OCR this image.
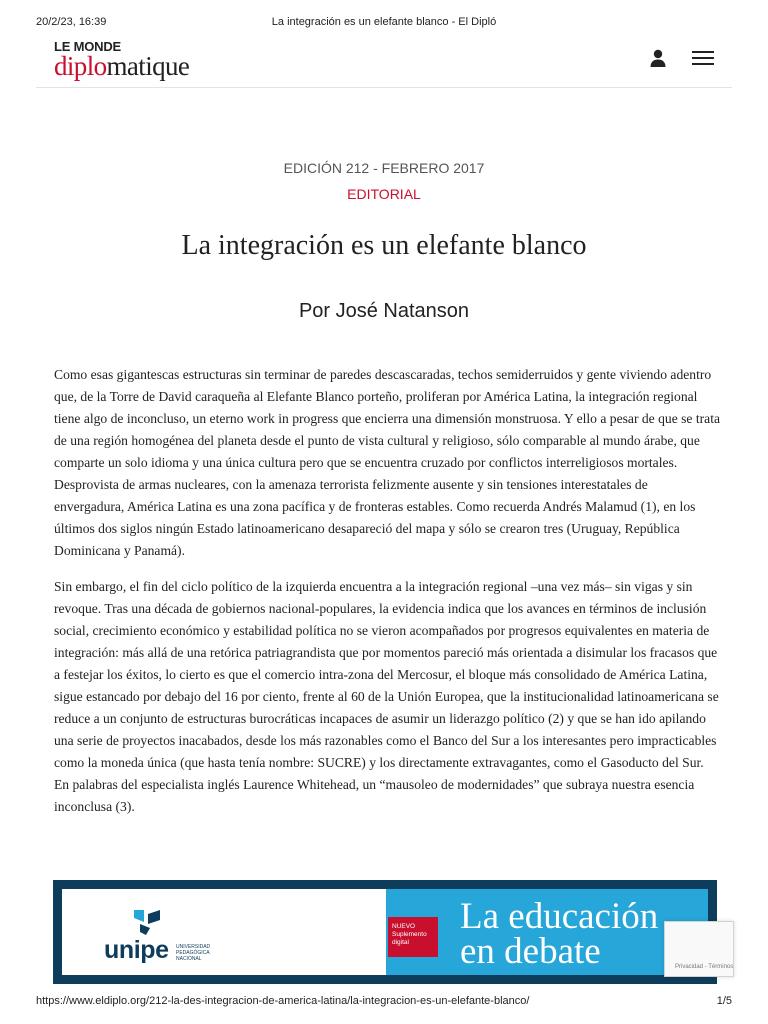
20/2/23, 16:39	La integración es un elefante blanco - El Dipló
LE MONDE
diplomatique
EDICIÓN 212 - FEBRERO 2017
EDITORIAL
La integración es un elefante blanco
Por José Natanson

Como esas gigantescas estructuras sin terminar de paredes descascaradas, techos semiderruidos y gente viviendo adentro que, de la Torre de David caraqueña al Elefante Blanco porteño, proliferan por América Latina, la integración regional tiene algo de inconcluso, un eterno work in progress que encierra una dimensión monstruosa. Y ello a pesar de que se trata de una región homogénea del planeta desde el punto de vista cultural y religioso, sólo comparable al mundo árabe, que comparte un solo idioma y una única cultura pero que se encuentra cruzado por conflictos interreligiosos mortales. Desprovista de armas nucleares, con la amenaza terrorista felizmente ausente y sin tensiones interestatales de envergadura, América Latina es una zona pacífica y de fronteras estables. Como recuerda Andrés Malamud (1), en los últimos dos siglos ningún Estado latinoamericano desapareció del mapa y sólo se crearon tres (Uruguay, República Dominicana y Panamá).

Sin embargo, el fin del ciclo político de la izquierda encuentra a la integración regional –una vez más– sin vigas y sin revoque. Tras una década de gobiernos nacional-populares, la evidencia indica que los avances en términos de inclusión social, crecimiento económico y estabilidad política no se vieron acompañados por progresos equivalentes en materia de integración: más allá de una retórica patriagrandista que por momentos pareció más orientada a disimular los fracasos que a festejar los éxitos, lo cierto es que el comercio intra-zona del Mercosur, el bloque más consolidado de América Latina, sigue estancado por debajo del 16 por ciento, frente al 60 de la Unión Europea, que la institucionalidad latinoamericana se reduce a un conjunto de estructuras burocráticas incapaces de asumir un liderazgo político (2) y que se han ido apilando una serie de proyectos inacabados, desde los más razonables como el Banco del Sur a los interesantes pero impracticables como la moneda única (que hasta tenía nombre: SUCRE) y los directamente extravagantes, como el Gasoducto del Sur. En palabras del especialista inglés Laurence Whitehead, un “mausoleo de modernidades” que subraya nuestra esencia inconclusa (3).

unipe UNIVERSIDAD PEDAGÓGICA NACIONAL
NUEVO Suplemento digital
La educación
en debate	Privacidad - Términos
https://www.eldiplo.org/212-la-des-integracion-de-america-latina/la-integracion-es-un-elefante-blanco/	1/5
